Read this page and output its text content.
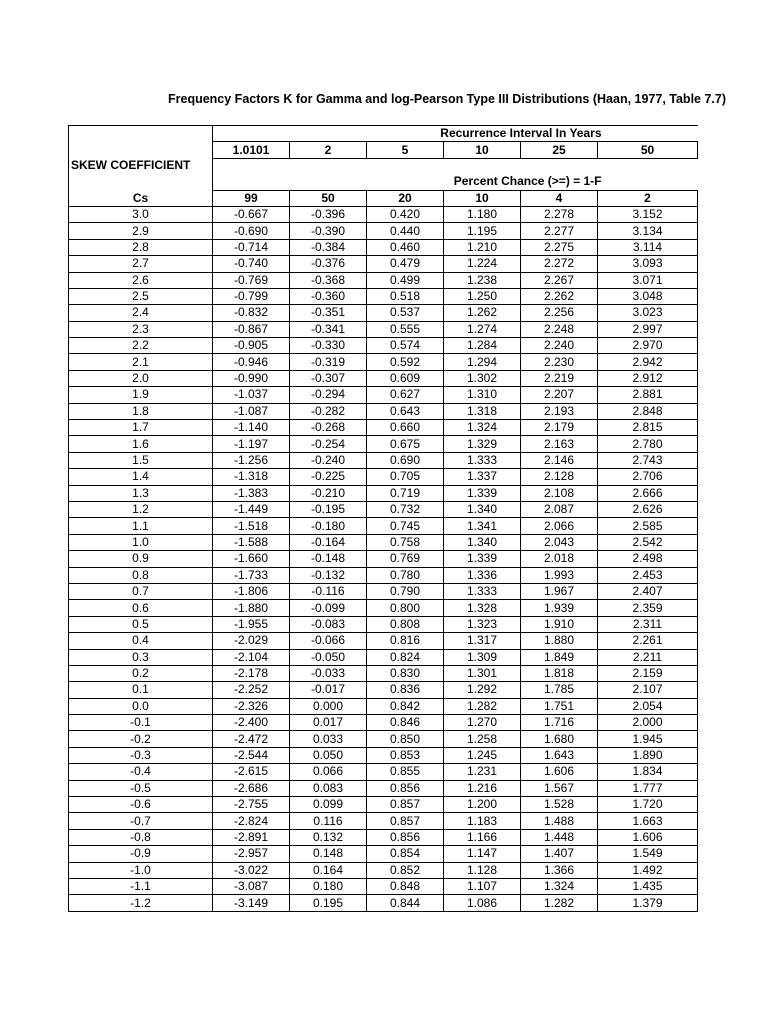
Frequency Factors K for Gamma and log-Pearson Type III Distributions (Haan, 1977, Table 7.7)
	Recurrence Interval In Years					
	1.0101	2	5	10	25	50
SKEW COEFFICIENT						
	Percent Chance (>=) = 1-F					
Cs	99	50	20	10	4	2
3.0	-0.667	-0.396	0.420	1.180	2.278	3.152
2.9	-0.690	-0.390	0.440	1.195	2.277	3.134
2.8	-0.714	-0.384	0.460	1.210	2.275	3.114
2.7	-0.740	-0.376	0.479	1.224	2.272	3.093
2.6	-0.769	-0.368	0.499	1.238	2.267	3.071
2.5	-0.799	-0.360	0.518	1.250	2.262	3.048
2.4	-0.832	-0.351	0.537	1.262	2.256	3.023
2.3	-0.867	-0.341	0.555	1.274	2.248	2.997
2.2	-0.905	-0.330	0.574	1.284	2.240	2.970
2.1	-0.946	-0.319	0.592	1.294	2.230	2.942
2.0	-0.990	-0.307	0.609	1.302	2.219	2.912
1.9	-1.037	-0.294	0.627	1.310	2.207	2.881
1.8	-1.087	-0.282	0.643	1.318	2.193	2.848
1.7	-1.140	-0.268	0.660	1.324	2.179	2.815
1.6	-1.197	-0.254	0.675	1.329	2.163	2.780
1.5	-1.256	-0.240	0.690	1.333	2.146	2.743
1.4	-1.318	-0.225	0.705	1.337	2.128	2.706
1.3	-1.383	-0.210	0.719	1.339	2.108	2.666
1.2	-1.449	-0.195	0.732	1.340	2.087	2.626
1.1	-1.518	-0.180	0.745	1.341	2.066	2.585
1.0	-1.588	-0.164	0.758	1.340	2.043	2.542
0.9	-1.660	-0.148	0.769	1.339	2.018	2.498
0.8	-1.733	-0.132	0.780	1.336	1.993	2.453
0.7	-1.806	-0.116	0.790	1.333	1.967	2.407
0.6	-1.880	-0.099	0.800	1.328	1.939	2.359
0.5	-1.955	-0.083	0.808	1.323	1.910	2.311
0.4	-2.029	-0.066	0.816	1.317	1.880	2.261
0.3	-2.104	-0.050	0.824	1.309	1.849	2.211
0.2	-2.178	-0.033	0.830	1.301	1.818	2.159
0.1	-2.252	-0.017	0.836	1.292	1.785	2.107
0.0	-2.326	0.000	0.842	1.282	1.751	2.054
-0.1	-2.400	0.017	0.846	1.270	1.716	2.000
-0.2	-2.472	0.033	0.850	1.258	1.680	1.945
-0.3	-2.544	0.050	0.853	1.245	1.643	1.890
-0.4	-2.615	0.066	0.855	1.231	1.606	1.834
-0.5	-2.686	0.083	0.856	1.216	1.567	1.777
-0.6	-2.755	0.099	0.857	1.200	1.528	1.720
-0.7	-2.824	0.116	0.857	1.183	1.488	1.663
-0.8	-2.891	0.132	0.856	1.166	1.448	1.606
-0.9	-2.957	0.148	0.854	1.147	1.407	1.549
-1.0	-3.022	0.164	0.852	1.128	1.366	1.492
-1.1	-3.087	0.180	0.848	1.107	1.324	1.435
-1.2	-3.149	0.195	0.844	1.086	1.282	1.379
